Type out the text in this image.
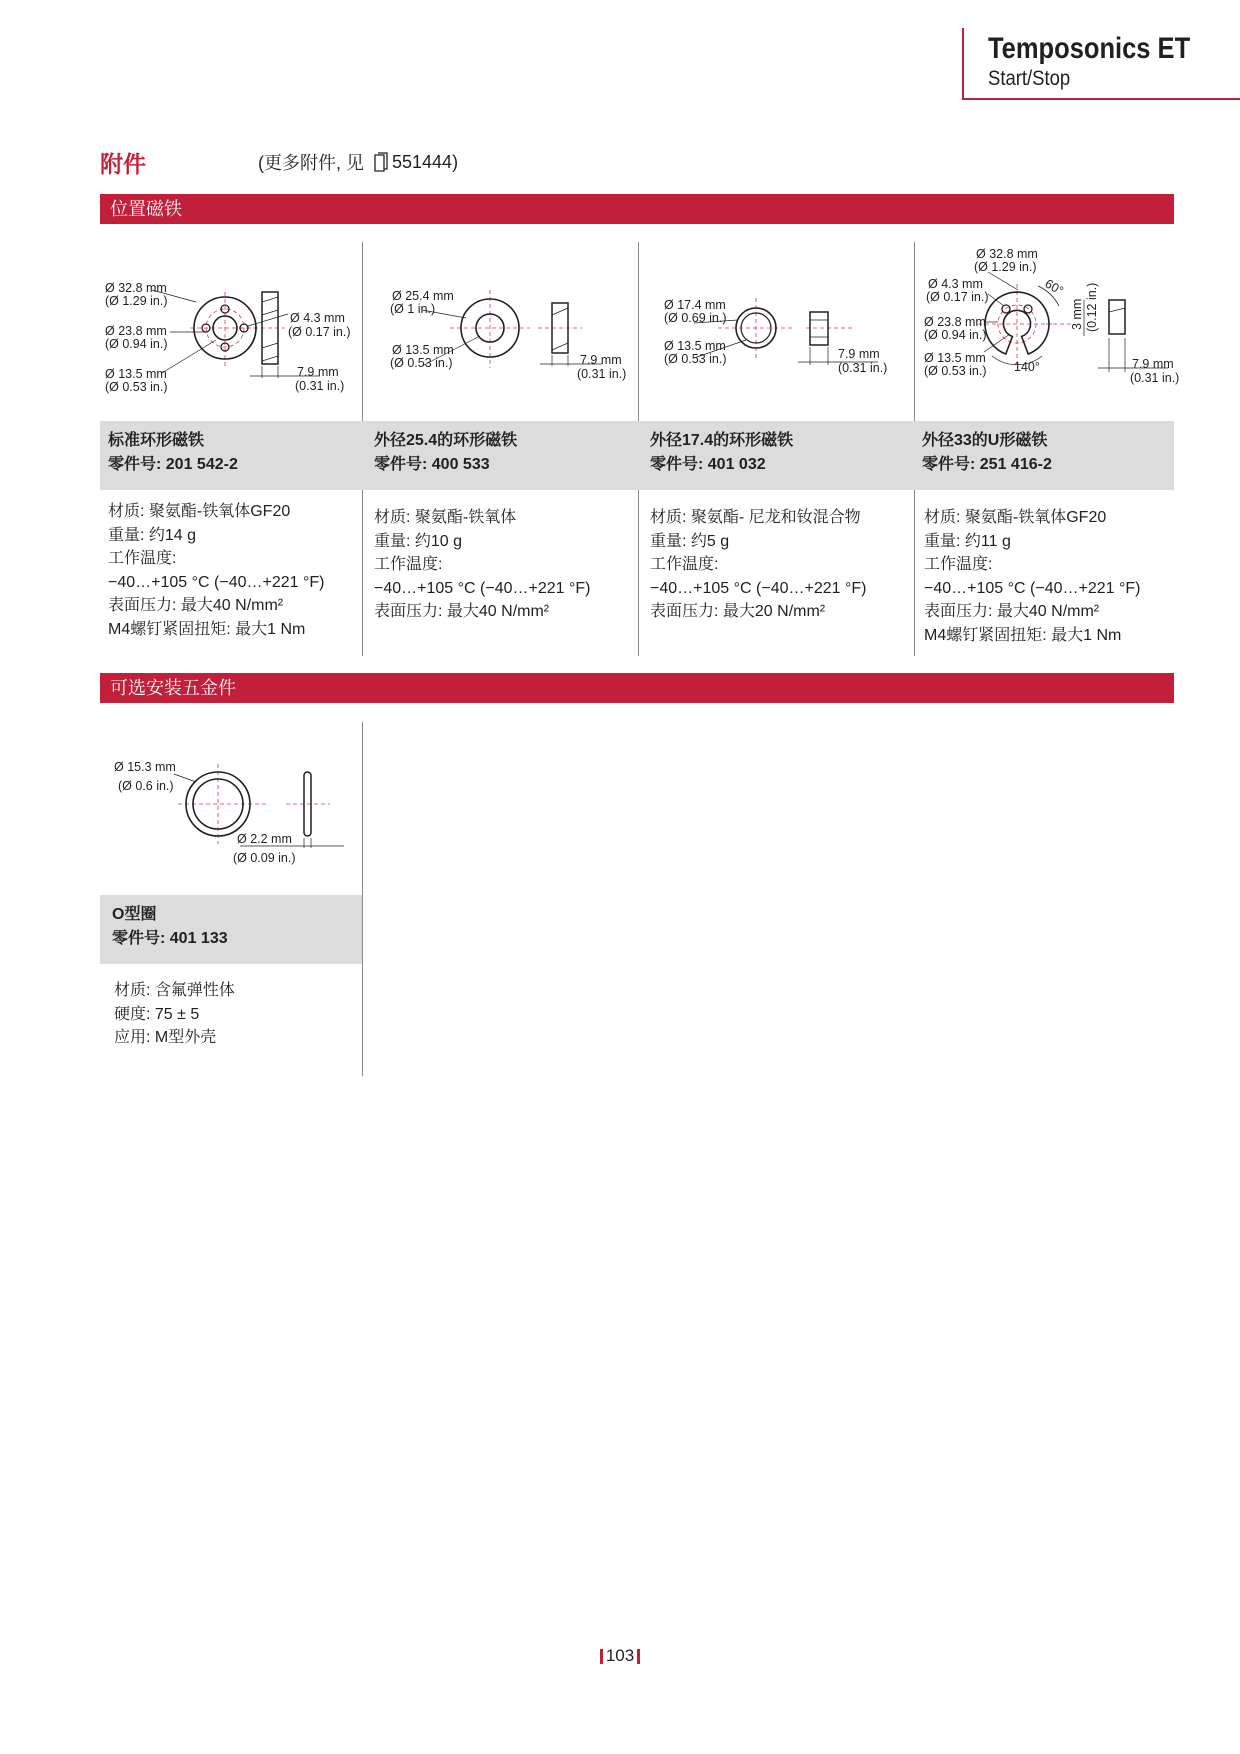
Temposonics ET
Start/Stop
附件	(更多附件, 见 551444)
位置磁铁
Ø 32.8 mm
(Ø 1.29 in.)
Ø 23.8 mm
(Ø 0.94 in.)
Ø 13.5 mm
(Ø 0.53 in.)
Ø 4.3 mm
(Ø 0.17 in.)
7.9 mm
(0.31 in.)
Ø 25.4 mm
(Ø 1 in.)
Ø 13.5 mm
(Ø 0.53 in.)	7.9 mm
(0.31 in.)
Ø 17.4 mm
(Ø 0.69 in.)
Ø 13.5 mm
(Ø 0.53 in.)	7.9 mm
(0.31 in.)
Ø 32.8 mm
(Ø 1.29 in.)
Ø 4.3 mm
(Ø 0.17 in.)
Ø 23.8 mm
(Ø 0.94 in.)
Ø 13.5 mm
(Ø 0.53 in.)
60°
140°
3 mm (0.12 in.)
7.9 mm
(0.31 in.)
标准环形磁铁
零件号: 201 542-2
外径25.4的环形磁铁
零件号: 400 533
外径17.4的环形磁铁
零件号: 401 032
外径33的U形磁铁
零件号: 251 416-2
材质: 聚氨酯-铁氧体GF20
重量: 约14 g
工作温度:
−40…+105 °C (−40…+221 °F)
表面压力: 最大40 N/mm²
M4螺钉紧固扭矩: 最大1 Nm
材质: 聚氨酯-铁氧体
重量: 约10 g
工作温度:
−40…+105 °C (−40…+221 °F)
表面压力: 最大40 N/mm²
材质: 聚氨酯- 尼龙和钕混合物
重量: 约5 g
工作温度:
−40…+105 °C (−40…+221 °F)
表面压力: 最大20 N/mm²
材质: 聚氨酯-铁氧体GF20
重量: 约11 g
工作温度:
−40…+105 °C (−40…+221 °F)
表面压力: 最大40 N/mm²
M4螺钉紧固扭矩: 最大1 Nm
可选安装五金件
Ø 15.3 mm
(Ø 0.6 in.)
Ø 2.2 mm
(Ø 0.09 in.)
O型圈
零件号: 401 133
材质: 含氟弹性体
硬度: 75 ± 5
应用: M型外壳
103
